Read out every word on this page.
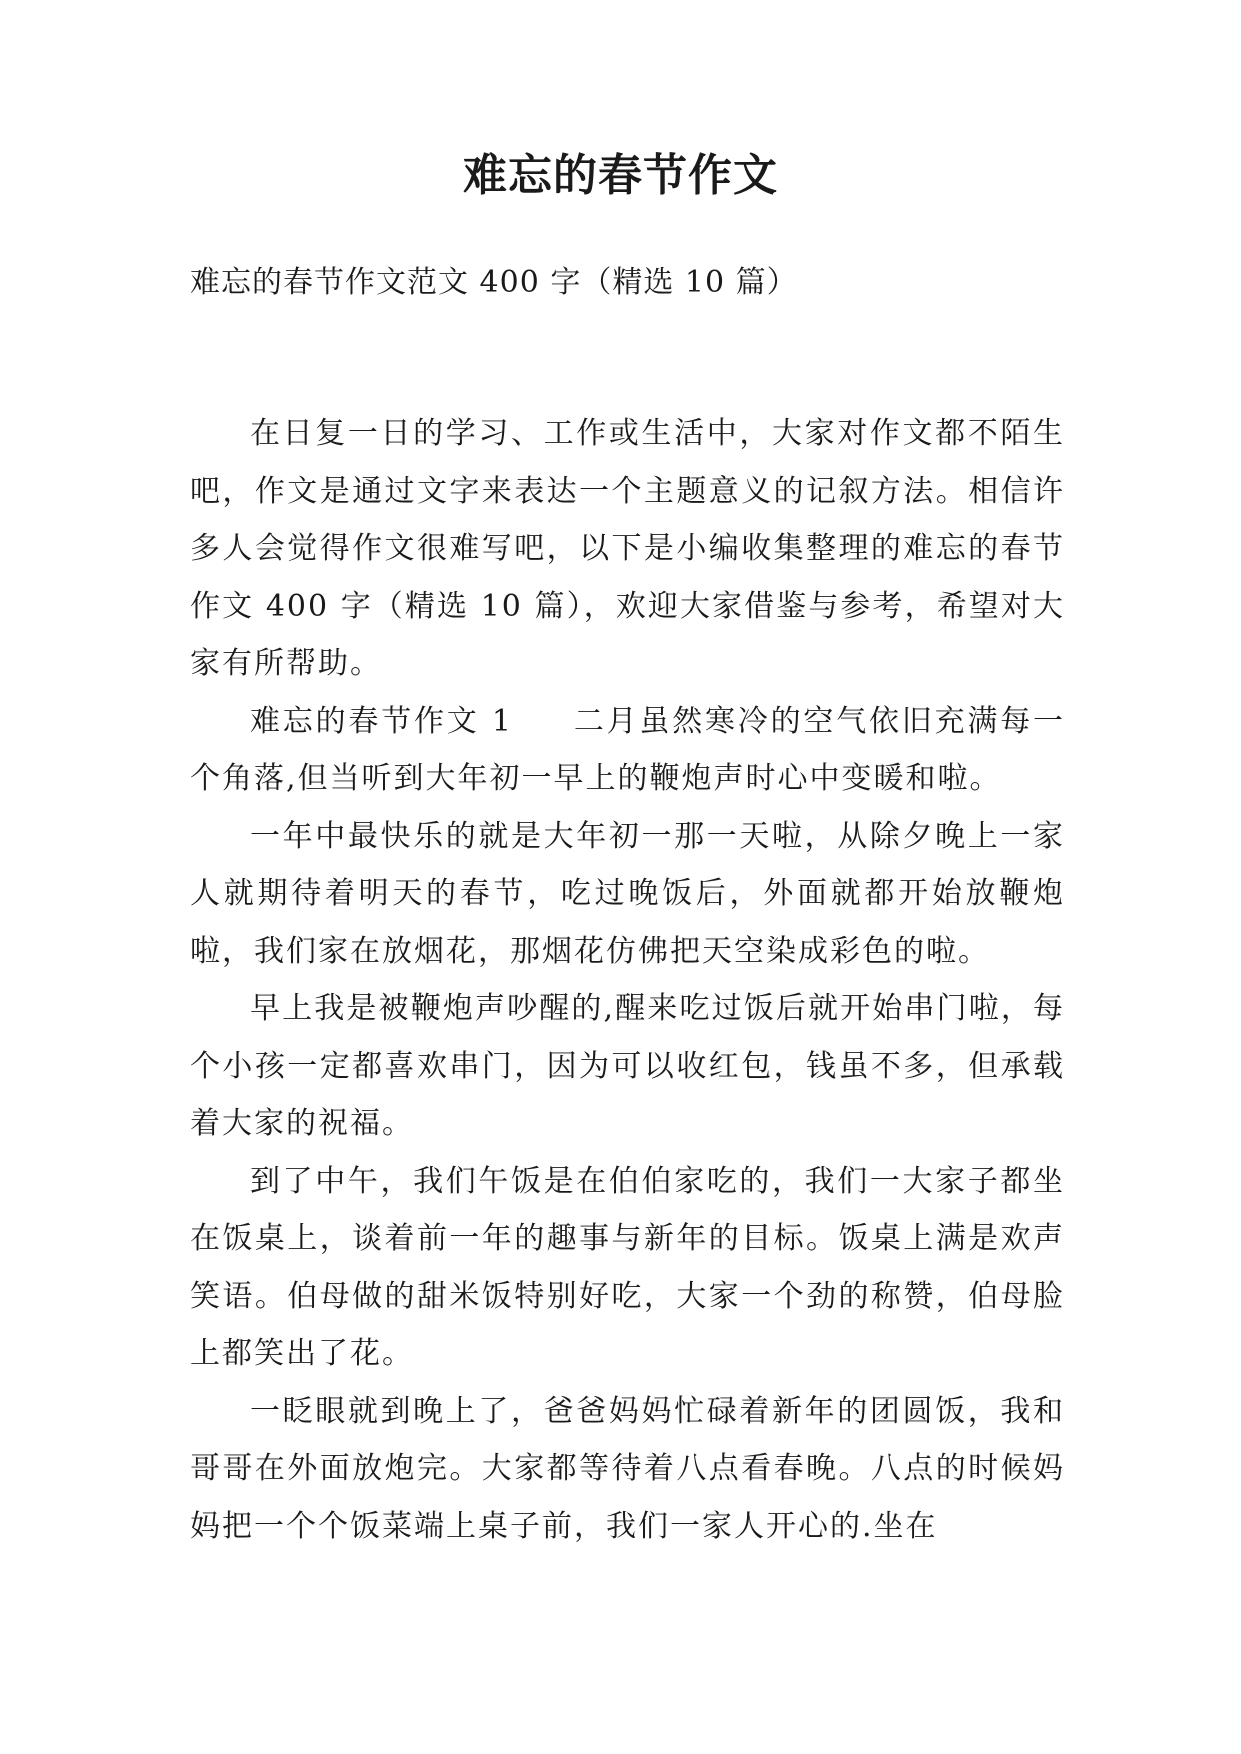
难忘的春节作文
难忘的春节作文范文 400 字（精选 10 篇）

在日复一日的学习、工作或生活中，大家对作文都不陌生吧，作文是通过文字来表达一个主题意义的记叙方法。相信许多人会觉得作文很难写吧，以下是小编收集整理的难忘的春节作文 400 字（精选 10 篇），欢迎大家借鉴与参考，希望对大家有所帮助。

难忘的春节作文 1 二月虽然寒冷的空气依旧充满每一个角落,但当听到大年初一早上的鞭炮声时心中变暖和啦。

一年中最快乐的就是大年初一那一天啦，从除夕晚上一家人就期待着明天的春节，吃过晚饭后，外面就都开始放鞭炮啦，我们家在放烟花，那烟花仿佛把天空染成彩色的啦。

早上我是被鞭炮声吵醒的,醒来吃过饭后就开始串门啦，每个小孩一定都喜欢串门，因为可以收红包，钱虽不多，但承载着大家的祝福。

到了中午，我们午饭是在伯伯家吃的，我们一大家子都坐在饭桌上，谈着前一年的趣事与新年的目标。饭桌上满是欢声笑语。伯母做的甜米饭特别好吃，大家一个劲的称赞，伯母脸上都笑出了花。

一眨眼就到晚上了，爸爸妈妈忙碌着新年的团圆饭，我和哥哥在外面放炮完。大家都等待着八点看春晚。八点的时候妈妈把一个个饭菜端上桌子前，我们一家人开心的.坐在
